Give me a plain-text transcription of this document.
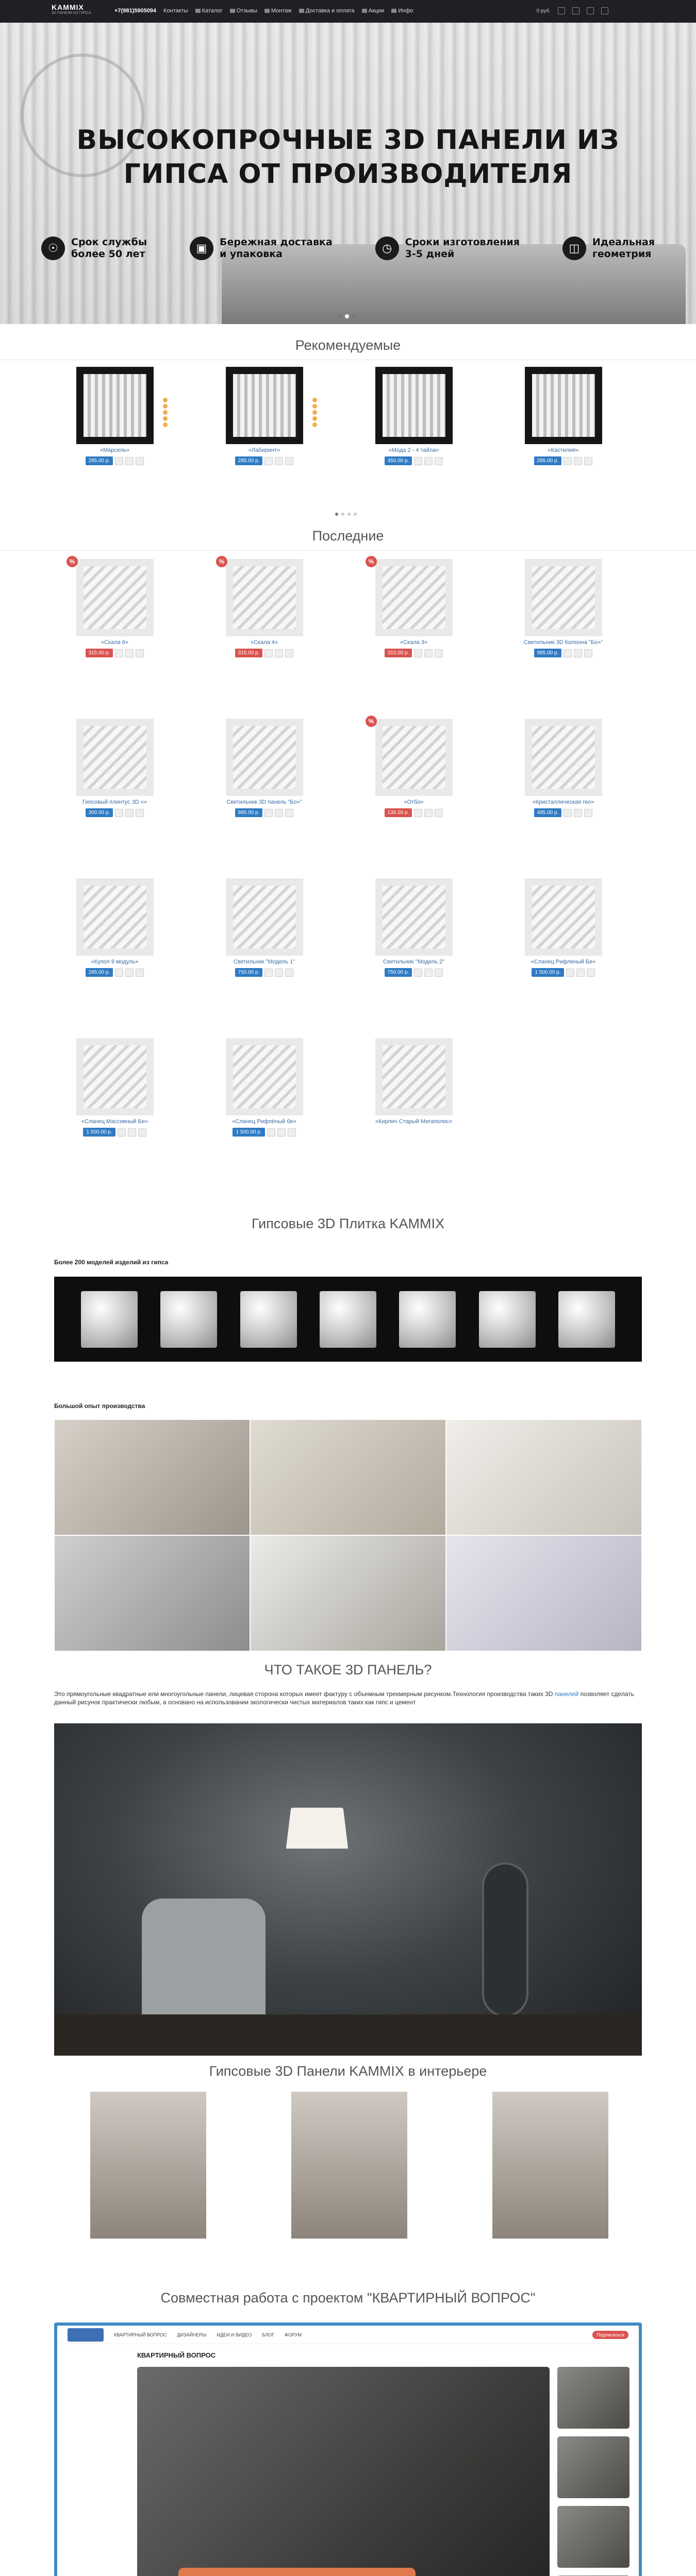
KAMMIX
3D ПАНЕЛИ ИЗ ГИПСА	+7(981)5905094 Контакты	Каталог	Отзывы	Монтаж	Доставка и оплата	Акции	Инфо	0 руб.
ВЫСОКОПРОЧНЫЕ 3D ПАНЕЛИ ИЗ
ГИПСА ОТ ПРОИЗВОДИТЕЛЯ
☉	Срок службы
более 50 лет	▣	Бережная доставка
и упаковка	◷	Сроки изготовления
3-5 дней	◫	Идеальная
геометрия
Рекомендуемые
«Марсель»
285.00 р.
«Лабиринт»
285.00 р.
«Мода 2 - 4 тайла»
450.00 р.
«Кастилия»
285.00 р.
Последние
%
«Скала 6»
315.00 р.
%
«Скала 4»
315.00 р.
%
«Скала 3»
315.00 р.
Светильник 3D Колонна "Бо»"
985.00 р.
Гипсовый плинтус 3D «»
300.00 р.
Светильник 3D панель "Бо»"
985.00 р.
%
«Отбо»
135.00 р.
«Кристаллическая гео»
485.00 р.
«Купол 9 модуль»
285.00 р.
Светильник "Модель 1"
750.00 р.
Светильник "Модель 2"
750.00 р.
«Сланец Рифленый Бе»
1 500.00 р.
«Сланец Массивный Бе»
1 500.00 р.
«Сланец Рифлёный бе»
1 500.00 р.
«Кирпич Старый Мегаполис»
Гипсовые 3D Плитка KAMMIX
Более 200 моделей изделий из гипса
Большой опыт производства
ЧТО ТАКОЕ 3D ПАНЕЛЬ?
Это прямоугольные квадратные или многоугольные панели, лицевая сторона которых имеет фактуру с объемным трехмерным рисунком.Технология производства таких 3D панелей позволяет сделать данный рисунок практически любым, а основано на использовании экологически чистых материалов таких как гипс и цемент
Гипсовые 3D Панели KAMMIX в интерьере
Совместная работа с проектом "КВАРТИРНЫЙ ВОПРОС"
КВАРТИРНЫЙ ВОПРОС ДИЗАЙНЕРЫ ИДЕИ И ВИДЕО БЛОГ ФОРУМ	Подписаться
КВАРТИРНЫЙ ВОПРОС
